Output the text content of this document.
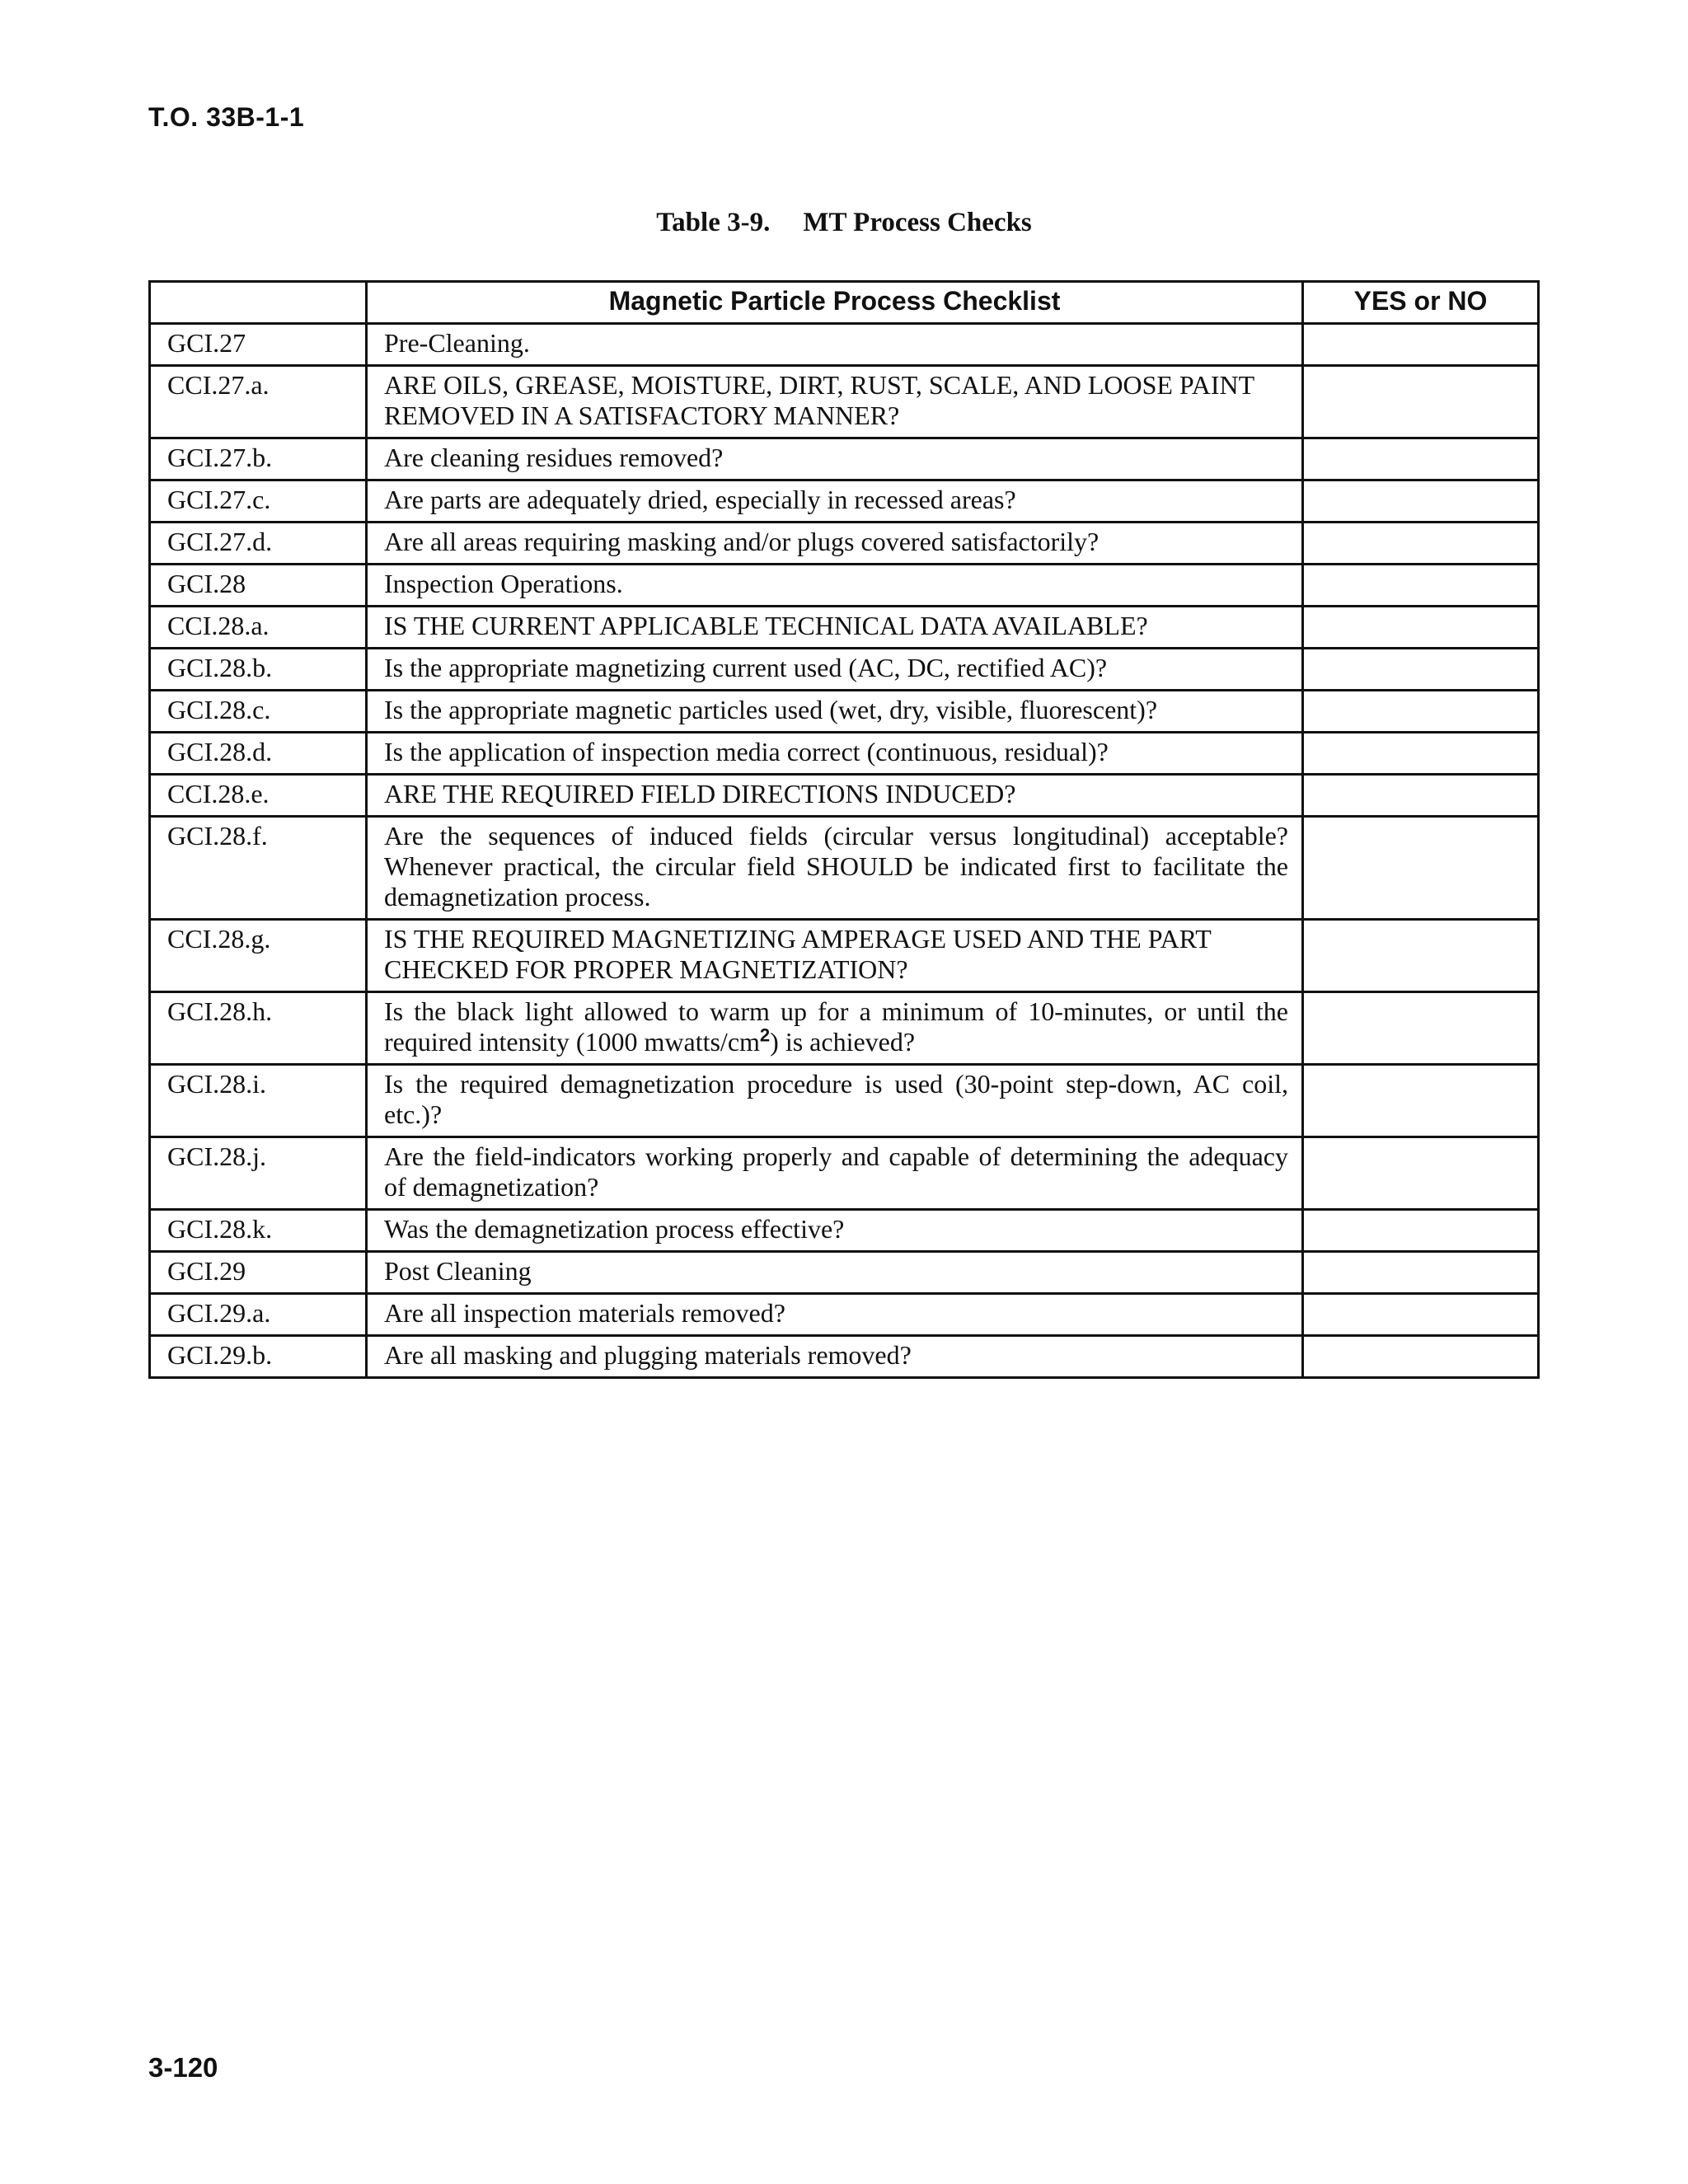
T.O. 33B-1-1
Table 3-9. MT Process Checks
	Magnetic Particle Process Checklist	YES or NO
GCI.27	Pre-Cleaning.	
CCI.27.a.	ARE OILS, GREASE, MOISTURE, DIRT, RUST, SCALE, AND LOOSE PAINT REMOVED IN A SATISFACTORY MANNER?	
GCI.27.b.	Are cleaning residues removed?	
GCI.27.c.	Are parts are adequately dried, especially in recessed areas?	
GCI.27.d.	Are all areas requiring masking and/or plugs covered satisfactorily?	
GCI.28	Inspection Operations.	
CCI.28.a.	IS THE CURRENT APPLICABLE TECHNICAL DATA AVAILABLE?	
GCI.28.b.	Is the appropriate magnetizing current used (AC, DC, rectified AC)?	
GCI.28.c.	Is the appropriate magnetic particles used (wet, dry, visible, fluorescent)?	
GCI.28.d.	Is the application of inspection media correct (continuous, residual)?	
CCI.28.e.	ARE THE REQUIRED FIELD DIRECTIONS INDUCED?	
GCI.28.f.	Are the sequences of induced fields (circular versus longitudinal) acceptable? Whenever practical, the circular field SHOULD be indicated first to facilitate the demagnetization process.	
CCI.28.g.	IS THE REQUIRED MAGNETIZING AMPERAGE USED AND THE PART CHECKED FOR PROPER MAGNETIZATION?	
GCI.28.h.	Is the black light allowed to warm up for a minimum of 10-minutes, or until the required intensity (1000 mwatts/$cm^2$) is achieved?	
GCI.28.i.	Is the required demagnetization procedure is used (30-point step-down, AC coil, etc.)?	
GCI.28.j.	Are the field-indicators working properly and capable of determining the adequacy of demagnetization?	
GCI.28.k.	Was the demagnetization process effective?	
GCI.29	Post Cleaning	
GCI.29.a.	Are all inspection materials removed?	
GCI.29.b.	Are all masking and plugging materials removed?	
3-120
